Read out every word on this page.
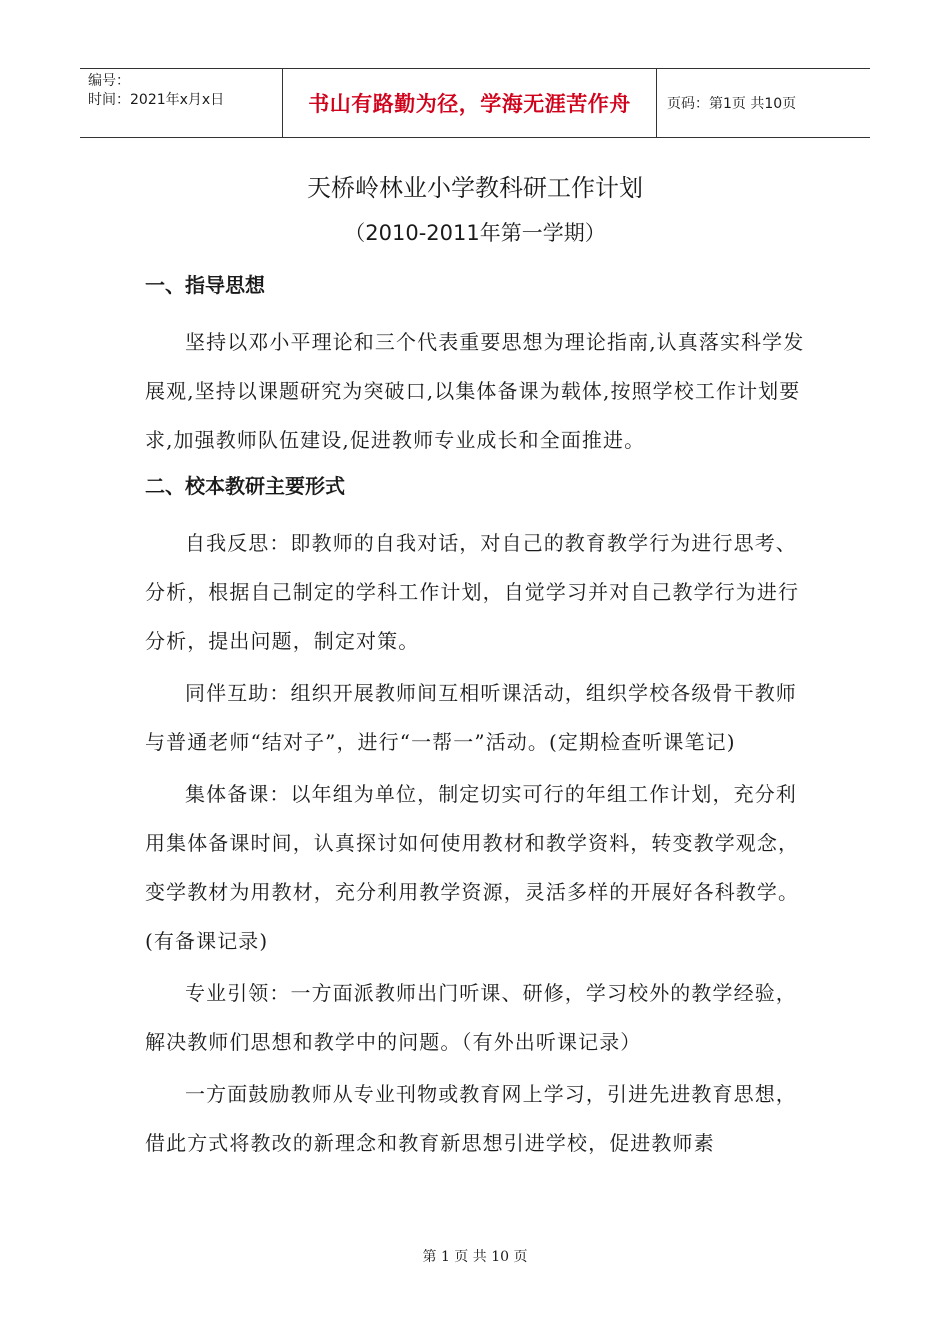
编号：
时间：2021年x月x日	书山有路勤为径，学海无涯苦作舟	页码：第1页 共10页
天桥岭林业小学教科研工作计划
（2010-2011年第一学期）
一、指导思想

坚持以邓小平理论和三个代表重要思想为理论指南,认真落实科学发展观,坚持以课题研究为突破口,以集体备课为载体,按照学校工作计划要求,加强教师队伍建设,促进教师专业成长和全面推进。

二、校本教研主要形式

自我反思：即教师的自我对话，对自己的教育教学行为进行思考、分析，根据自己制定的学科工作计划，自觉学习并对自己教学行为进行分析，提出问题，制定对策。

同伴互助：组织开展教师间互相听课活动，组织学校各级骨干教师与普通老师“结对子”，进行“一帮一”活动。(定期检查听课笔记)

集体备课：以年组为单位，制定切实可行的年组工作计划，充分利用集体备课时间，认真探讨如何使用教材和教学资料，转变教学观念，变学教材为用教材，充分利用教学资源，灵活多样的开展好各科教学。(有备课记录)

专业引领：一方面派教师出门听课、研修，学习校外的教学经验，解决教师们思想和教学中的问题。（有外出听课记录）

一方面鼓励教师从专业刊物或教育网上学习，引进先进教育思想，借此方式将教改的新理念和教育新思想引进学校，促进教师素

第 1 页 共 10 页
